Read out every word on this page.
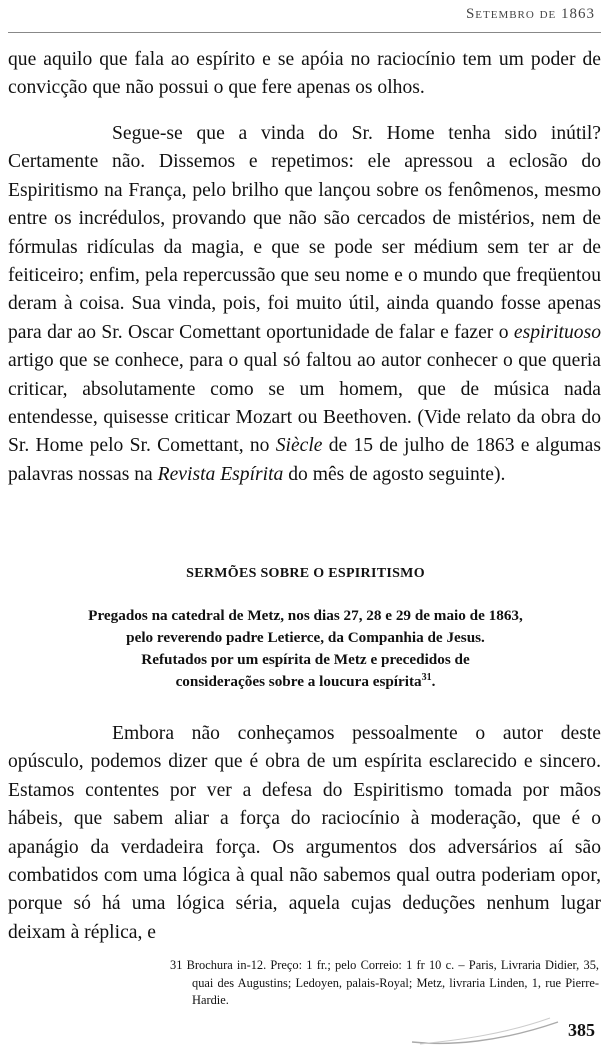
Setembro de 1863

que aquilo que fala ao espírito e se apóia no raciocínio tem um poder de convicção que não possui o que fere apenas os olhos.

Segue-se que a vinda do Sr. Home tenha sido inútil? Certamente não. Dissemos e repetimos: ele apressou a eclosão do Espiritismo na França, pelo brilho que lançou sobre os fenômenos, mesmo entre os incrédulos, provando que não são cercados de mistérios, nem de fórmulas ridículas da magia, e que se pode ser médium sem ter ar de feiticeiro; enfim, pela repercussão que seu nome e o mundo que freqüentou deram à coisa. Sua vinda, pois, foi muito útil, ainda quando fosse apenas para dar ao Sr. Oscar Comettant oportunidade de falar e fazer o espirituoso artigo que se conhece, para o qual só faltou ao autor conhecer o que queria criticar, absolutamente como se um homem, que de música nada entendesse, quisesse criticar Mozart ou Beethoven. (Vide relato da obra do Sr. Home pelo Sr. Comettant, no Siècle de 15 de julho de 1863 e algumas palavras nossas na Revista Espírita do mês de agosto seguinte).

SERMÕES SOBRE O ESPIRITISMO
Pregados na catedral de Metz, nos dias 27, 28 e 29 de maio de 1863,
pelo reverendo padre Letierce, da Companhia de Jesus.
Refutados por um espírita de Metz e precedidos de
considerações sobre a loucura espírita$^{31}$.

Embora não conheçamos pessoalmente o autor deste opúsculo, podemos dizer que é obra de um espírita esclarecido e sincero. Estamos contentes por ver a defesa do Espiritismo tomada por mãos hábeis, que sabem aliar a força do raciocínio à moderação, que é o apanágio da verdadeira força. Os argumentos dos adversários aí são combatidos com uma lógica à qual não sabemos qual outra poderiam opor, porque só há uma lógica séria, aquela cujas deduções nenhum lugar deixam à réplica, e

31 Brochura in-12. Preço: 1 fr.; pelo Correio: 1 fr 10 c. – Paris, Livraria Didier, 35, quai des Augustins; Ledoyen, palais-Royal; Metz, livraria Linden, 1, rue Pierre-Hardie.
385
